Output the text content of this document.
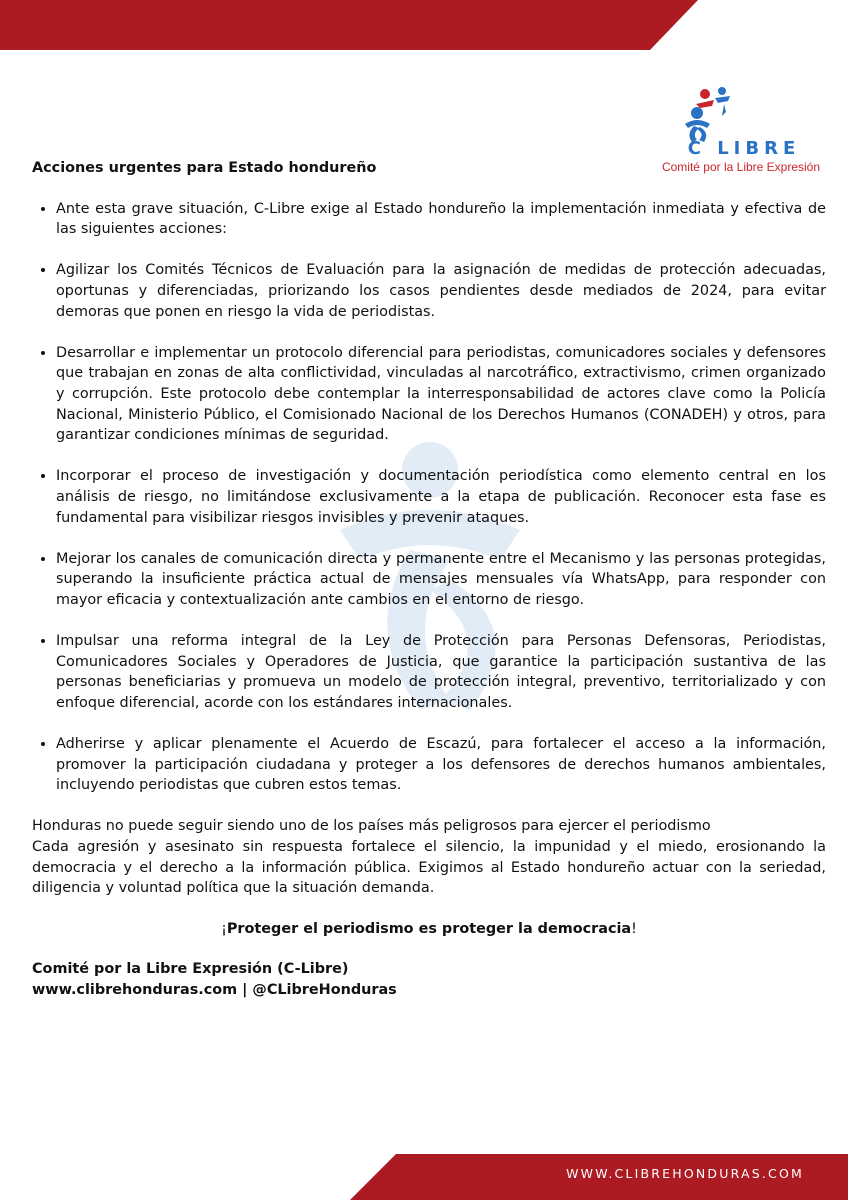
C LIBRE
Comité por la Libre Expresión

Acciones urgentes para Estado hondureño

• Ante esta grave situación, C-Libre exige al Estado hondureño la implementación inmediata y efectiva de las siguientes acciones:
• Agilizar los Comités Técnicos de Evaluación para la asignación de medidas de protección adecuadas, oportunas y diferenciadas, priorizando los casos pendientes desde mediados de 2024, para evitar demoras que ponen en riesgo la vida de periodistas.
• Desarrollar e implementar un protocolo diferencial para periodistas, comunicadores sociales y defensores que trabajan en zonas de alta conflictividad, vinculadas al narcotráfico, extractivismo, crimen organizado y corrupción. Este protocolo debe contemplar la interresponsabilidad de actores clave como la Policía Nacional, Ministerio Público, el Comisionado Nacional de los Derechos Humanos (CONADEH) y otros, para garantizar condiciones mínimas de seguridad.
• Incorporar el proceso de investigación y documentación periodística como elemento central en los análisis de riesgo, no limitándose exclusivamente a la etapa de publicación. Reconocer esta fase es fundamental para visibilizar riesgos invisibles y prevenir ataques.
• Mejorar los canales de comunicación directa y permanente entre el Mecanismo y las personas protegidas, superando la insuficiente práctica actual de mensajes mensuales vía WhatsApp, para responder con mayor eficacia y contextualización ante cambios en el entorno de riesgo.
• Impulsar una reforma integral de la Ley de Protección para Personas Defensoras, Periodistas, Comunicadores Sociales y Operadores de Justicia, que garantice la participación sustantiva de las personas beneficiarias y promueva un modelo de protección integral, preventivo, territorializado y con enfoque diferencial, acorde con los estándares internacionales.
• Adherirse y aplicar plenamente el Acuerdo de Escazú, para fortalecer el acceso a la información, promover la participación ciudadana y proteger a los defensores de derechos humanos ambientales, incluyendo periodistas que cubren estos temas.

Honduras no puede seguir siendo uno de los países más peligrosos para ejercer el periodismo

Cada agresión y asesinato sin respuesta fortalece el silencio, la impunidad y el miedo, erosionando la democracia y el derecho a la información pública. Exigimos al Estado hondureño actuar con la seriedad, diligencia y voluntad política que la situación demanda.

¡Proteger el periodismo es proteger la democracia!

Comité por la Libre Expresión (C-Libre)

www.clibrehonduras.com | @CLibreHonduras

WWW.CLIBREHONDURAS.COM
